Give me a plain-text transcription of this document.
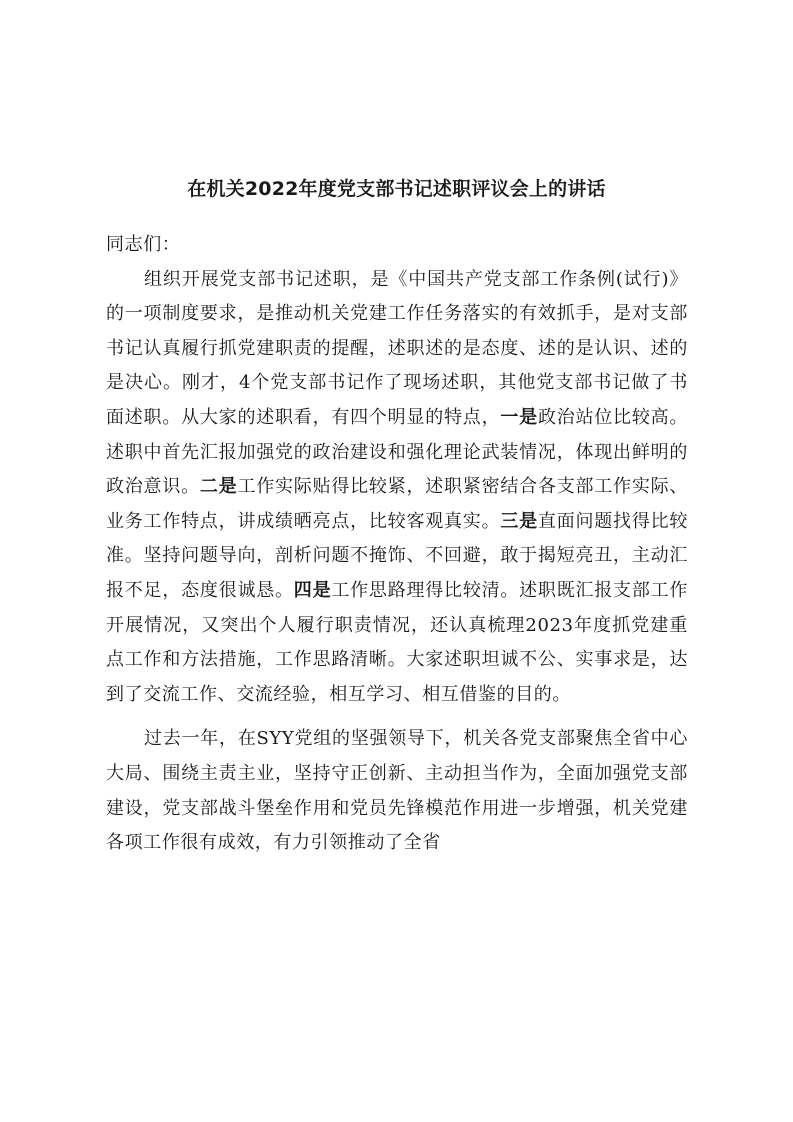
在机关2022年度党支部书记述职评议会上的讲话

同志们：

组织开展党支部书记述职，是《中国共产党支部工作条例(试行)》的一项制度要求，是推动机关党建工作任务落实的有效抓手，是对支部书记认真履行抓党建职责的提醒，述职述的是态度、述的是认识、述的是决心。刚才，4个党支部书记作了现场述职，其他党支部书记做了书面述职。从大家的述职看，有四个明显的特点，一是政治站位比较高。述职中首先汇报加强党的政治建设和强化理论武装情况，体现出鲜明的政治意识。二是工作实际贴得比较紧，述职紧密结合各支部工作实际、业务工作特点，讲成绩晒亮点，比较客观真实。三是直面问题找得比较准。坚持问题导向，剖析问题不掩饰、不回避，敢于揭短亮丑，主动汇报不足，态度很诚恳。四是工作思路理得比较清。述职既汇报支部工作开展情况，又突出个人履行职责情况，还认真梳理2023年度抓党建重点工作和方法措施，工作思路清晰。大家述职坦诚不公、实事求是，达到了交流工作、交流经验，相互学习、相互借鉴的目的。

过去一年，在SYY党组的坚强领导下，机关各党支部聚焦全省中心大局、围绕主责主业，坚持守正创新、主动担当作为，全面加强党支部建设，党支部战斗堡垒作用和党员先锋模范作用进一步增强，机关党建各项工作很有成效，有力引领推动了全省
